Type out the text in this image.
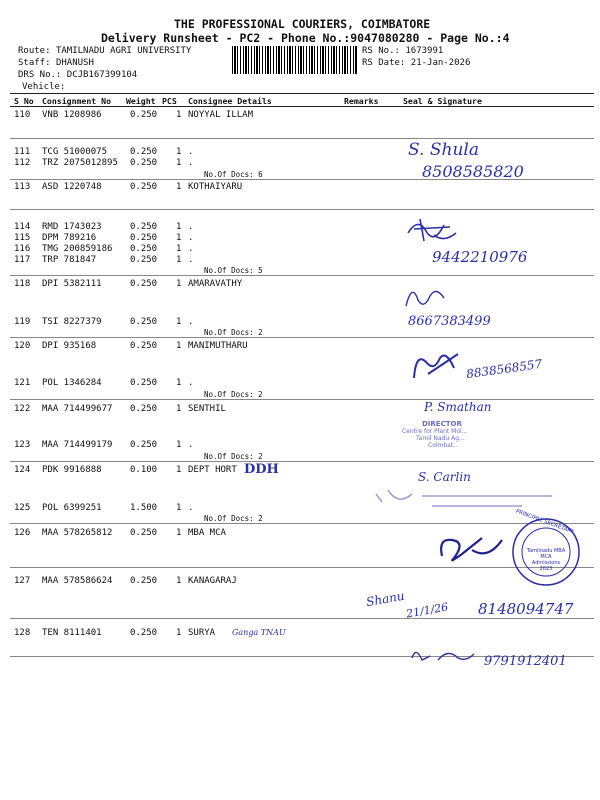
THE PROFESSIONAL COURIERS, COIMBATORE
Delivery Runsheet - PC2 - Phone No.:9047080280 - Page No.:4
Route: TAMILNADU AGRI UNIVERSITY
Staff: DHANUSH
DRS No.: DCJB167399104
Vehicle:
RS No.: 1673991
RS Date: 21-Jan-2026
S No Consignment No Weight PCS Consignee Details	Remarks	Seal & Signature
110 VNB 1208986	0.250 1 NOYYAL ILLAM
111 TCG 51000075	0.250 1 .
112 TRZ 2075012895 0.250 1 .
No.Of Docs: 6
113 ASD 1220748	0.250 1 KOTHAIYARU
114 RMD 1743023	0.250 1 .
115 DPM 789216	0.250 1 .
116 TMG 200859186 0.250 1 .
117 TRP 781847	0.250 1 .
No.Of Docs: 5
118 DPI 5382111	0.250 1 AMARAVATHY
119 TSI 8227379	0.250 1 .
No.Of Docs: 2
120 DPI 935168	0.250 1 MANIMUTHARU
121 POL 1346284	0.250 1 .
No.Of Docs: 2
122 MAA 714499677 0.250 1 SENTHIL
123 MAA 714499179 0.250 1 .
No.Of Docs: 2
124 PDK 9916888	0.100 1 DEPT HORT
125 POL 6399251	1.500 1 .
No.Of Docs: 2
126 MAA 578265812 0.250 1 MBA MCA
127 MAA 578586624 0.250 1 KANAGARAJ
128 TEN 8111401	0.250 1 SURYA
DDH
Ganga TNAU
S. Shula
8508585820
9442210976
8667383499
8838568557
P. Smathan
DIRECTOR
Centre for Plant Mol...
Tamil Nadu Ag...
Coimbat...
S. Carlin
PRINCIPAL SECRETARY
Tamilnadu MBA MCA Admissions 2023
Shanu
21/1/26 8148094747
9791912401
